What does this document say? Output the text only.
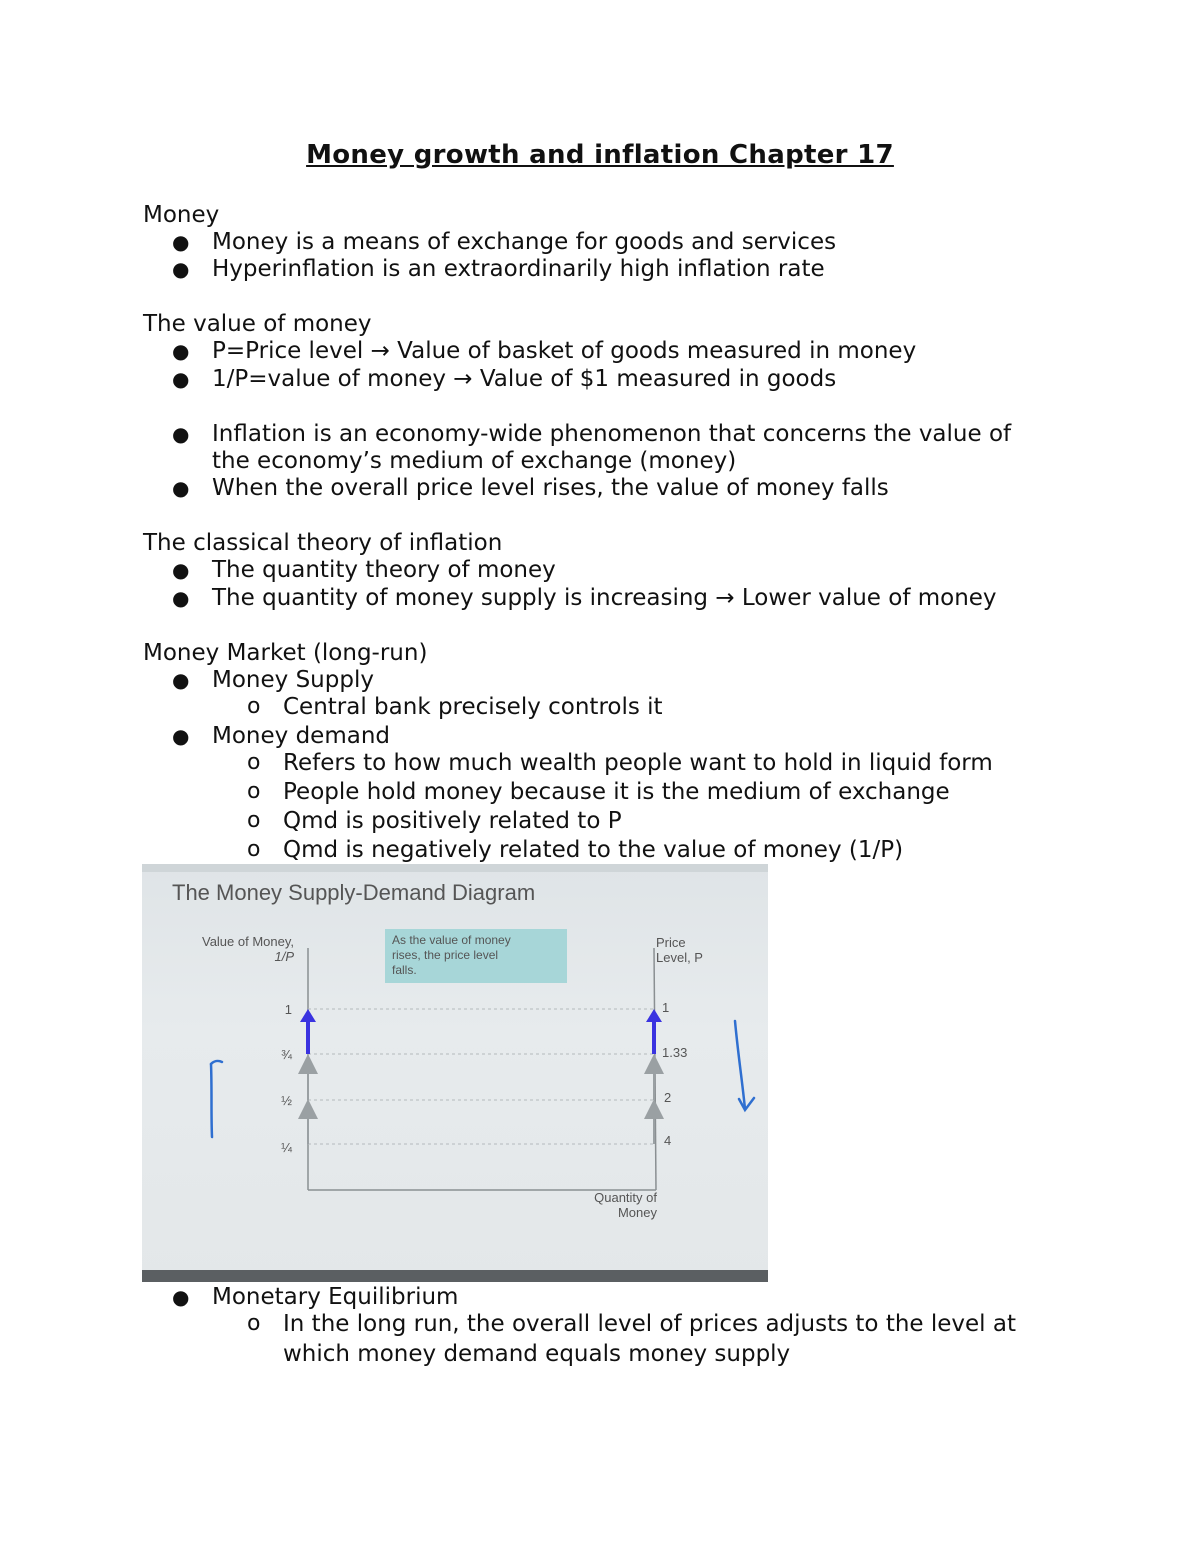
Money growth and inflation Chapter 17
Money
● Money is a means of exchange for goods and services
● Hyperinflation is an extraordinarily high inflation rate
The value of money
● P=Price level → Value of basket of goods measured in money
● 1/P=value of money → Value of $1 measured in goods
● Inflation is an economy-wide phenomenon that concerns the value of
the economy’s medium of exchange (money)
● When the overall price level rises, the value of money falls
The classical theory of inflation
● The quantity theory of money
● The quantity of money supply is increasing → Lower value of money
Money Market (long-run)
● Money Supply
o Central bank precisely controls it
● Money demand
o Refers to how much wealth people want to hold in liquid form
o People hold money because it is the medium of exchange
o Qmd is positively related to P
o Qmd is negatively related to the value of money (1/P)
The Money Supply-Demand Diagram
Value of Money,
1/P
As the value of money
rises, the price level
falls.
Price
Level, P
1
¾
½
¼
1
1.33
2
4
Quantity of
Money
● Monetary Equilibrium
o In the long run, the overall level of prices adjusts to the level at
which money demand equals money supply
